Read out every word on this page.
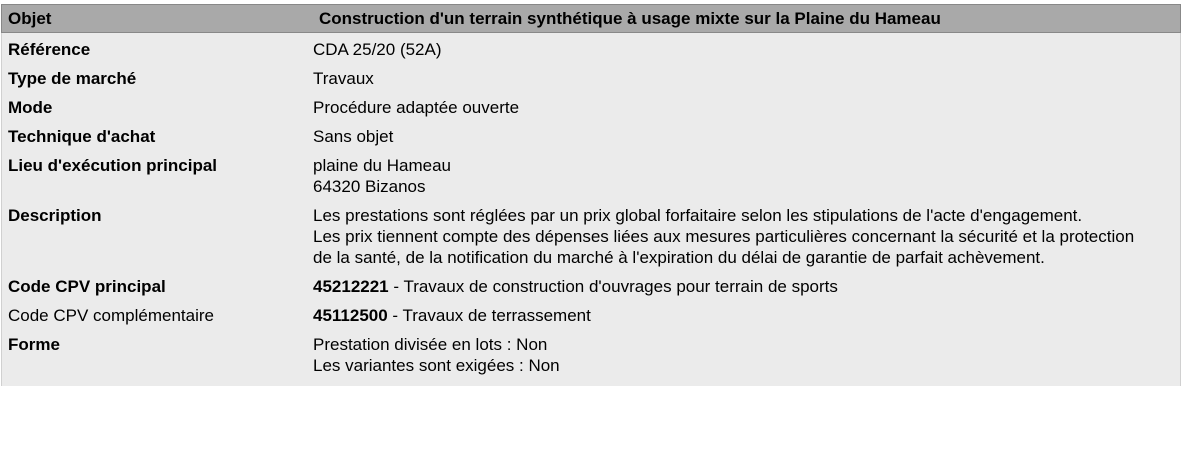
Objet	Construction d'un terrain synthétique à usage mixte sur la Plaine du Hameau
Référence	CDA 25/20 (52A)
Type de marché	Travaux
Mode	Procédure adaptée ouverte
Technique d'achat	Sans objet
Lieu d'exécution principal	plaine du Hameau
64320 Bizanos
Description	Les prestations sont réglées par un prix global forfaitaire selon les stipulations de l'acte d'engagement.
Les prix tiennent compte des dépenses liées aux mesures particulières concernant la sécurité et la protection de la santé, de la notification du marché à l'expiration du délai de garantie de parfait achèvement.
Code CPV principal	45212221 - Travaux de construction d'ouvrages pour terrain de sports
Code CPV complémentaire	45112500 - Travaux de terrassement
Forme	Prestation divisée en lots : Non
Les variantes sont exigées : Non
